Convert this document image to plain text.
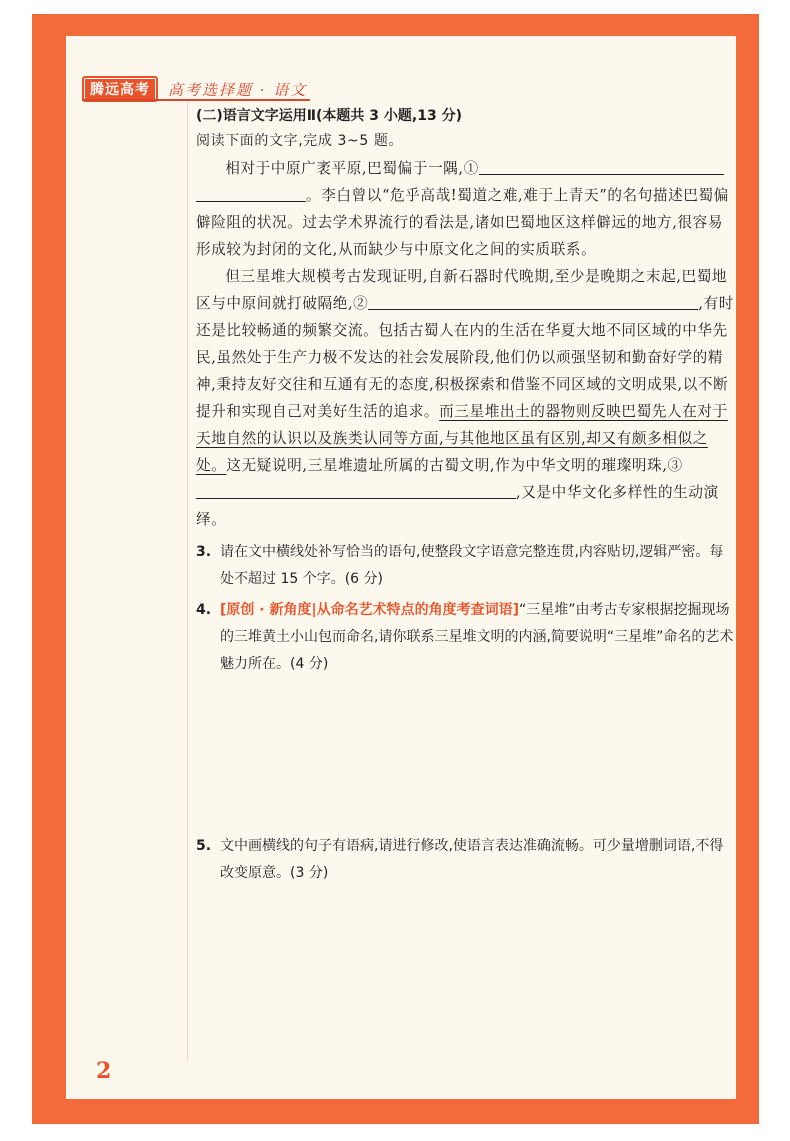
腾远高考	高考选择题 · 语文

(二)语言文字运用Ⅱ(本题共 3 小题,13 分)

阅读下面的文字,完成 3~5 题。

相对于中原广袤平原,巴蜀偏于一隅,①
。李白曾以“危乎高哉!蜀道之难,难于上青天”的名句描述巴蜀偏僻险阻的状况。过去学术界流行的看法是,诸如巴蜀地区这样僻远的地方,很容易形成较为封闭的文化,从而缺少与中原文化之间的实质联系。

但三星堆大规模考古发现证明,自新石器时代晚期,至少是晚期之末起,巴蜀地区与中原间就打破隔绝,②	,有时还是比较畅通的频繁交流。包括古蜀人在内的生活在华夏大地不同区域的中华先民,虽然处于生产力极不发达的社会发展阶段,他们仍以顽强坚韧和勤奋好学的精神,秉持友好交往和互通有无的态度,积极探索和借鉴不同区域的文明成果,以不断提升和实现自己对美好生活的追求。而三星堆出土的器物则反映巴蜀先人在对于天地自然的认识以及族类认同等方面,与其他地区虽有区别,却又有颇多相似之处。这无疑说明,三星堆遗址所属的古蜀文明,作为中华文明的璀璨明珠,③,又是中华文化多样性的生动演绎。

3. 请在文中横线处补写恰当的语句,使整段文字语意完整连贯,内容贴切,逻辑严密。每处不超过 15 个字。(6 分)

4. [原创 · 新角度|从命名艺术特点的角度考查词语]“三星堆”由考古专家根据挖掘现场的三堆黄土小山包而命名,请你联系三星堆文明的内涵,简要说明“三星堆”命名的艺术魅力所在。(4 分)

5. 文中画横线的句子有语病,请进行修改,使语言表达准确流畅。可少量增删词语,不得改变原意。(3 分)

2
